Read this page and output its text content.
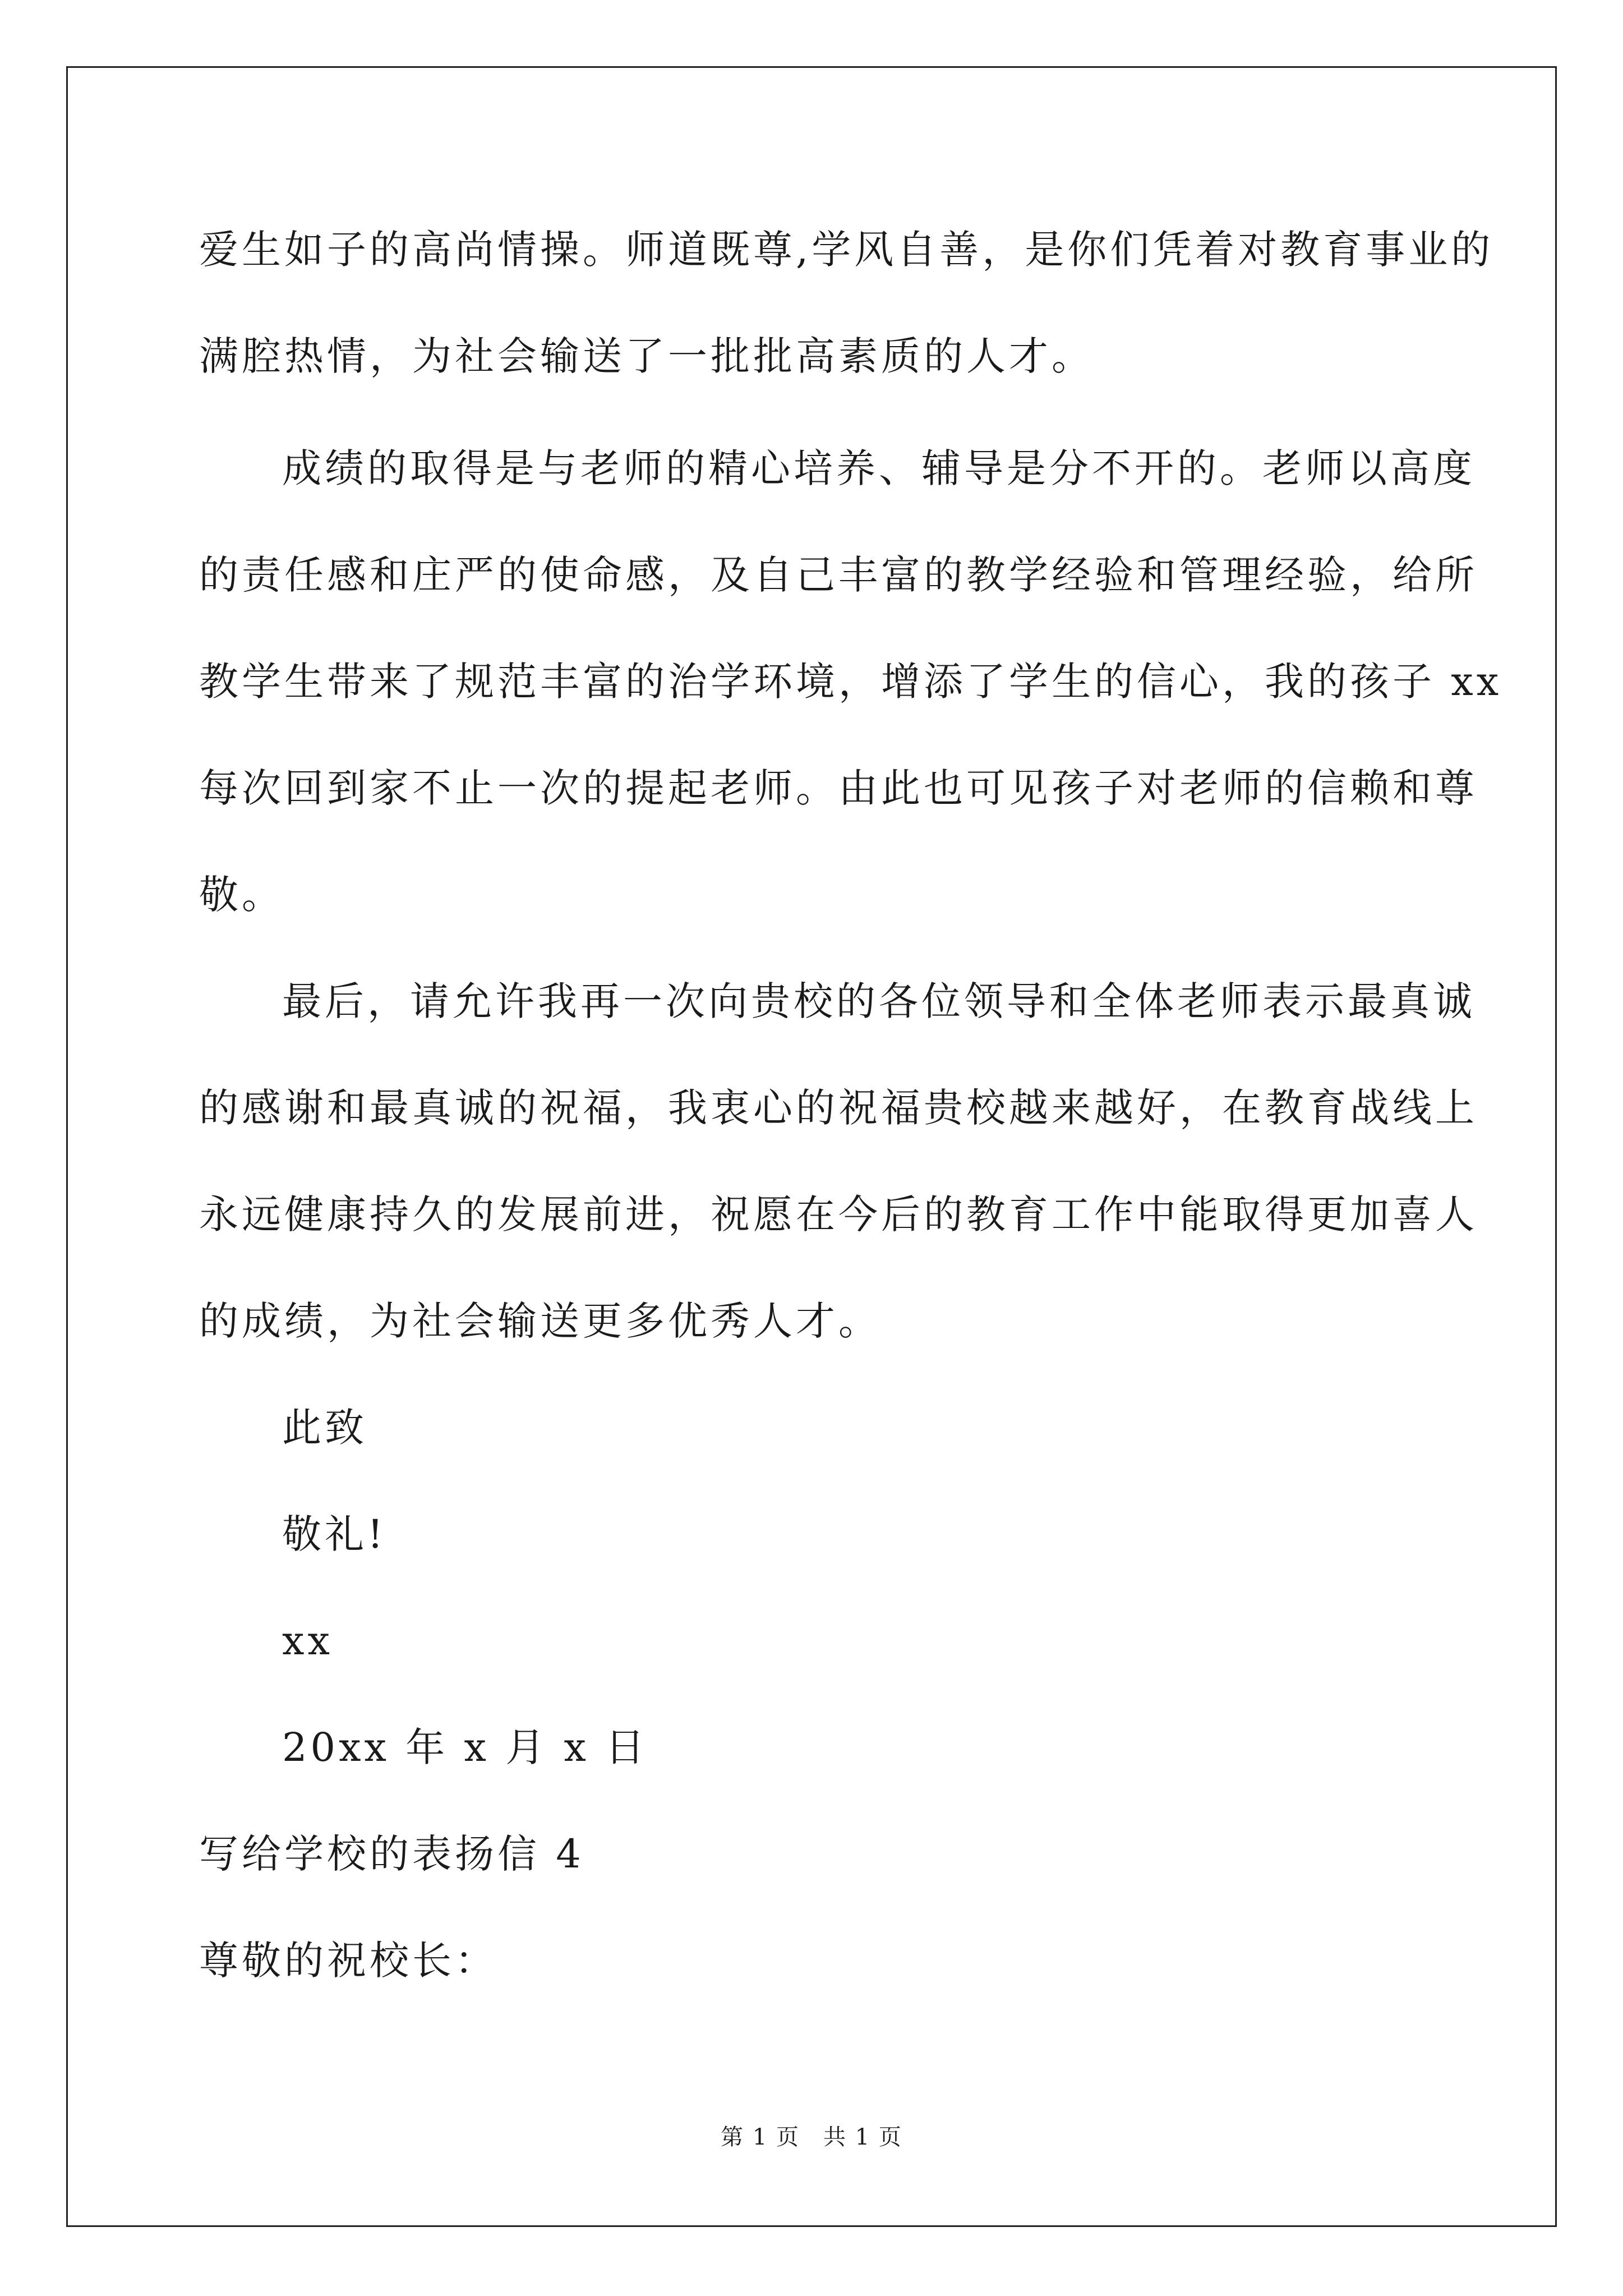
爱生如子的高尚情操。师道既尊,学风自善，是你们凭着对教育事业的
满腔热情，为社会输送了一批批高素质的人才。
成绩的取得是与老师的精心培养、辅导是分不开的。老师以高度
的责任感和庄严的使命感，及自己丰富的教学经验和管理经验，给所
教学生带来了规范丰富的治学环境，增添了学生的信心，我的孩子 xx
每次回到家不止一次的提起老师。由此也可见孩子对老师的信赖和尊
敬。
最后，请允许我再一次向贵校的各位领导和全体老师表示最真诚
的感谢和最真诚的祝福，我衷心的祝福贵校越来越好，在教育战线上
永远健康持久的发展前进，祝愿在今后的教育工作中能取得更加喜人
的成绩，为社会输送更多优秀人才。
此致
敬礼!
xx
20xx 年 x 月 x 日
写给学校的表扬信 4
尊敬的祝校长：
第 1 页　共 1 页
